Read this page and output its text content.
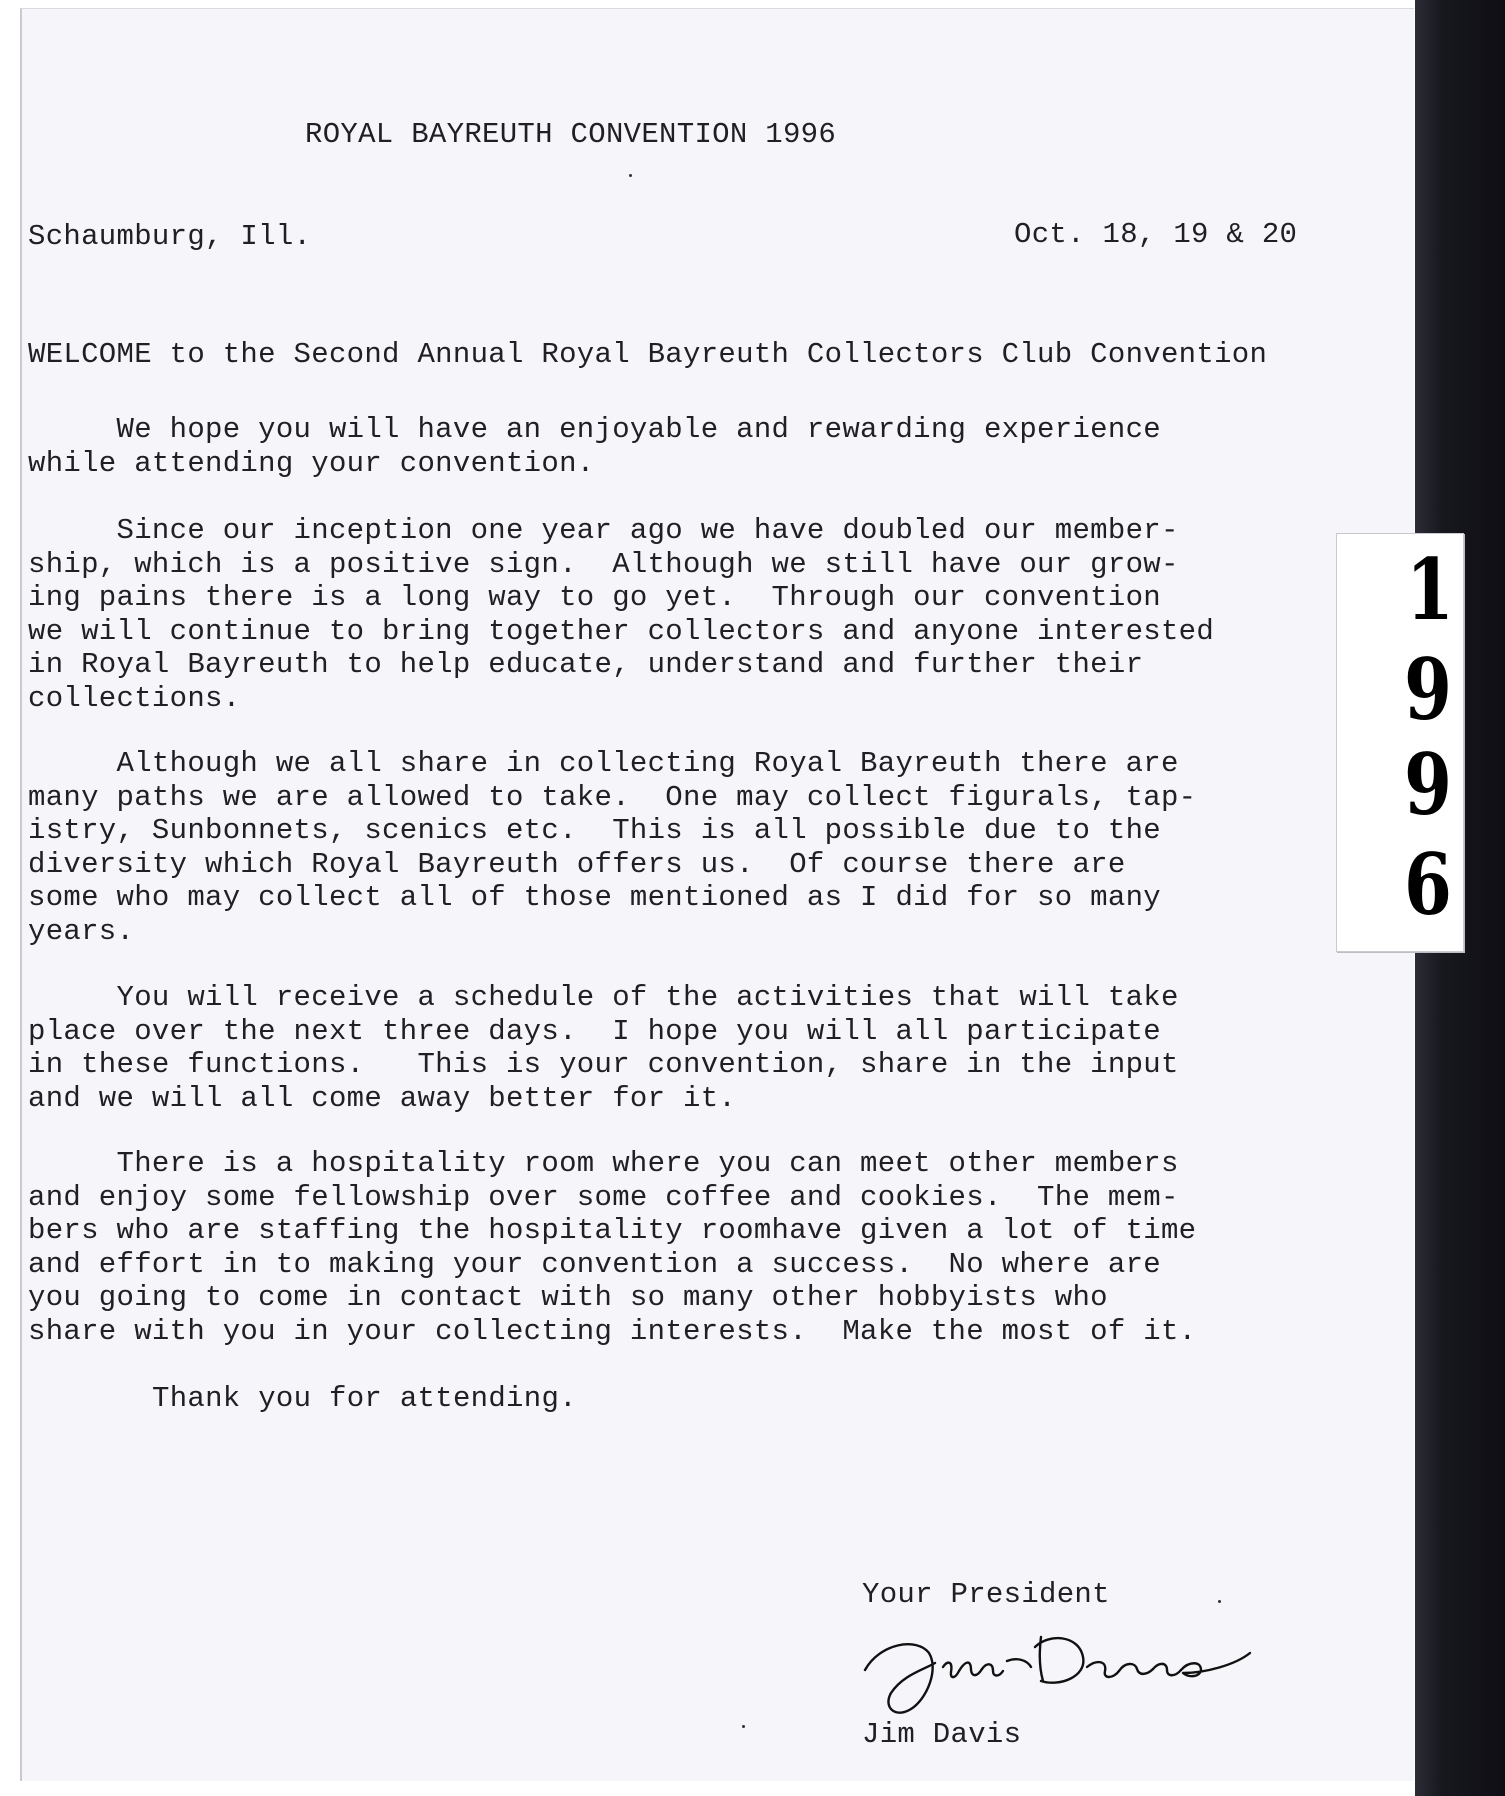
ROYAL BAYREUTH CONVENTION 1996
Schaumburg, Ill.	Oct. 18, 19 & 20
WELCOME to the Second Annual Royal Bayreuth Collectors Club Convention
We hope you will have an enjoyable and rewarding experience
while attending your convention.
Since our inception one year ago we have doubled our member-
ship, which is a positive sign.  Although we still have our grow-
ing pains there is a long way to go yet.  Through our convention
we will continue to bring together collectors and anyone interested
in Royal Bayreuth to help educate, understand and further their
collections.
Although we all share in collecting Royal Bayreuth there are
many paths we are allowed to take.  One may collect figurals, tap-
istry, Sunbonnets, scenics etc.  This is all possible due to the
diversity which Royal Bayreuth offers us.  Of course there are
some who may collect all of those mentioned as I did for so many
years.
You will receive a schedule of the activities that will take
place over the next three days.  I hope you will all participate
in these functions.   This is your convention, share in the input
and we will all come away better for it.
There is a hospitality room where you can meet other members
and enjoy some fellowship over some coffee and cookies.  The mem-
bers who are staffing the hospitality roomhave given a lot of time
and effort in to making your convention a success.  No where are
you going to come in contact with so many other hobbyists who
share with you in your collecting interests.  Make the most of it.
Thank you for attending.
Your President
Jim Davis
1
9
9
6
